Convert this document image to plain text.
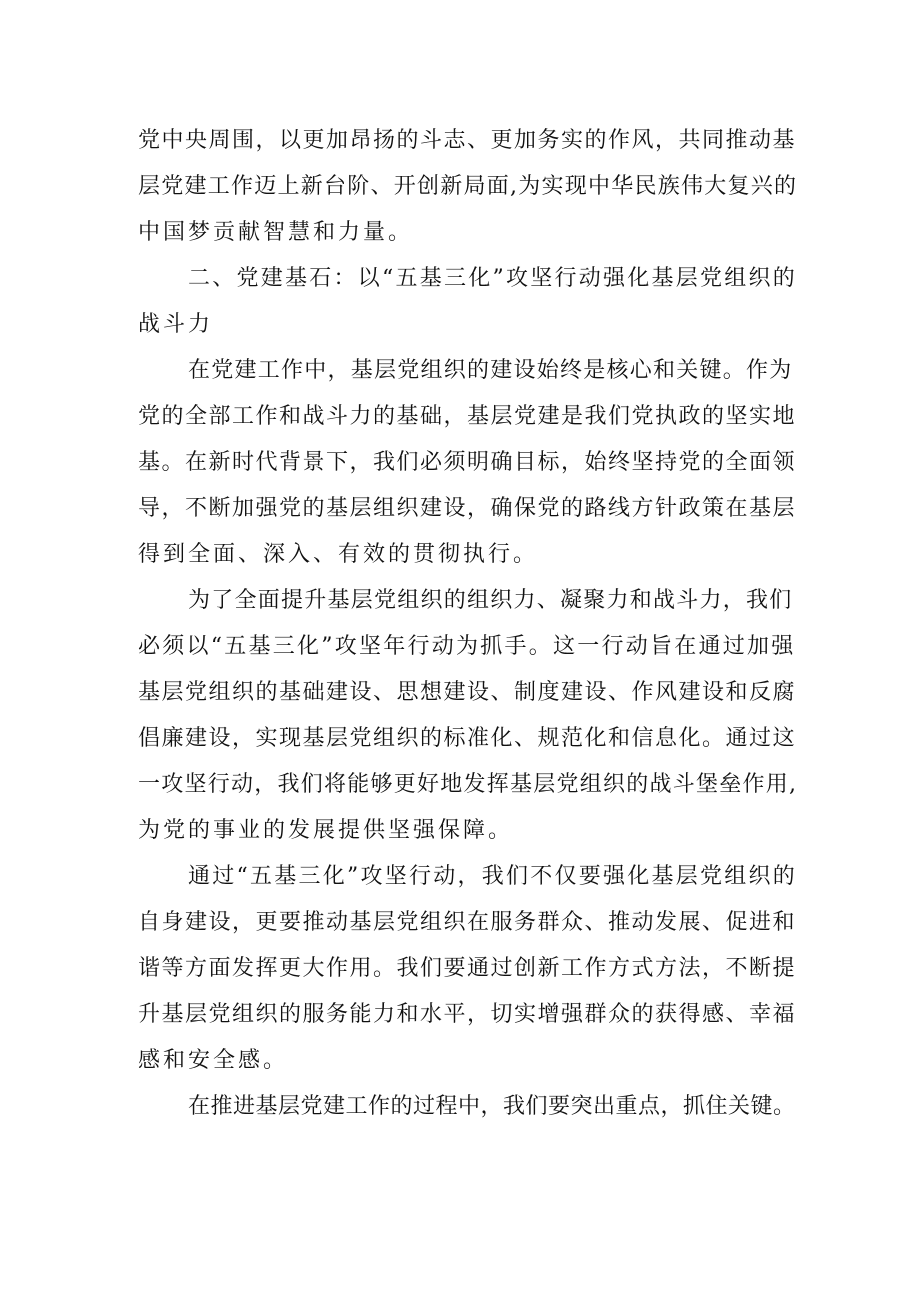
党中央周围，以更加昂扬的斗志、更加务实的作风，共同推动基
层党建工作迈上新台阶、开创新局面,为实现中华民族伟大复兴的
中国梦贡献智慧和力量。
二、党建基石：以“五基三化”攻坚行动强化基层党组织的
战斗力
在党建工作中，基层党组织的建设始终是核心和关键。作为
党的全部工作和战斗力的基础，基层党建是我们党执政的坚实地
基。在新时代背景下，我们必须明确目标，始终坚持党的全面领
导，不断加强党的基层组织建设，确保党的路线方针政策在基层
得到全面、深入、有效的贯彻执行。
为了全面提升基层党组织的组织力、凝聚力和战斗力，我们
必须以“五基三化”攻坚年行动为抓手。这一行动旨在通过加强
基层党组织的基础建设、思想建设、制度建设、作风建设和反腐
倡廉建设，实现基层党组织的标准化、规范化和信息化。通过这
一攻坚行动，我们将能够更好地发挥基层党组织的战斗堡垒作用,
为党的事业的发展提供坚强保障。
通过“五基三化”攻坚行动，我们不仅要强化基层党组织的
自身建设，更要推动基层党组织在服务群众、推动发展、促进和
谐等方面发挥更大作用。我们要通过创新工作方式方法，不断提
升基层党组织的服务能力和水平，切实增强群众的获得感、幸福
感和安全感。
在推进基层党建工作的过程中，我们要突出重点，抓住关键。
